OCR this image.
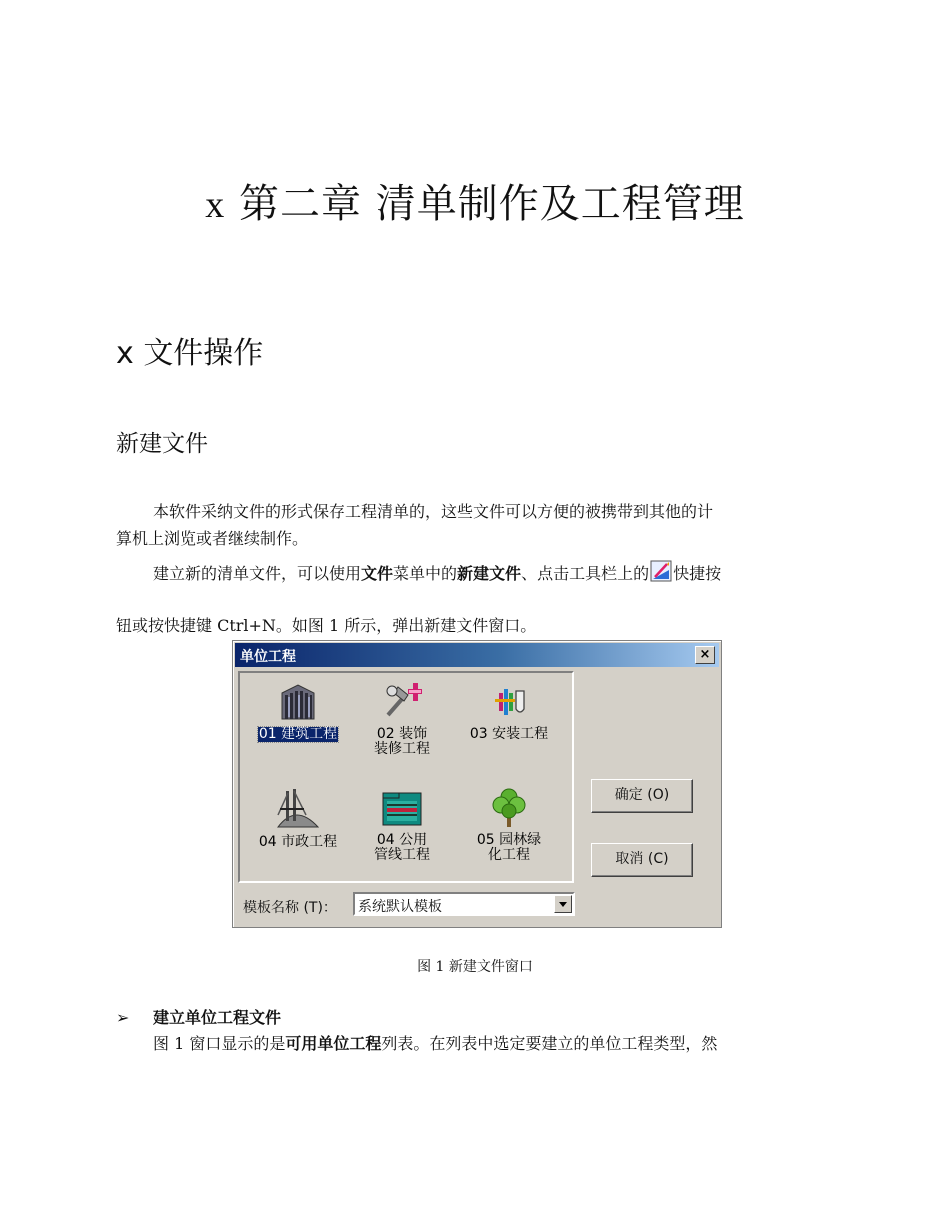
x 第二章 清单制作及工程管理
x 文件操作
新建文件
本软件采纳文件的形式保存工程清单的，这些文件可以方便的被携带到其他的计
算机上浏览或者继续制作。
建立新的清单文件，可以使用文件菜单中的新建文件、点击工具栏上的 快捷按
钮或按快捷键 Ctrl+N。如图 1 所示，弹出新建文件窗口。
单位工程	×
01 建筑工程	02 装饰装修工程
03 安装工程
04 市政工程	04 公用管线工程
05 园林绿化工程
确定 (O)
取消 (C)
模板名称 (T)： 系统默认模板
图 1 新建文件窗口
➢ 建立单位工程文件
图 1 窗口显示的是可用单位工程列表。在列表中选定要建立的单位工程类型，然
